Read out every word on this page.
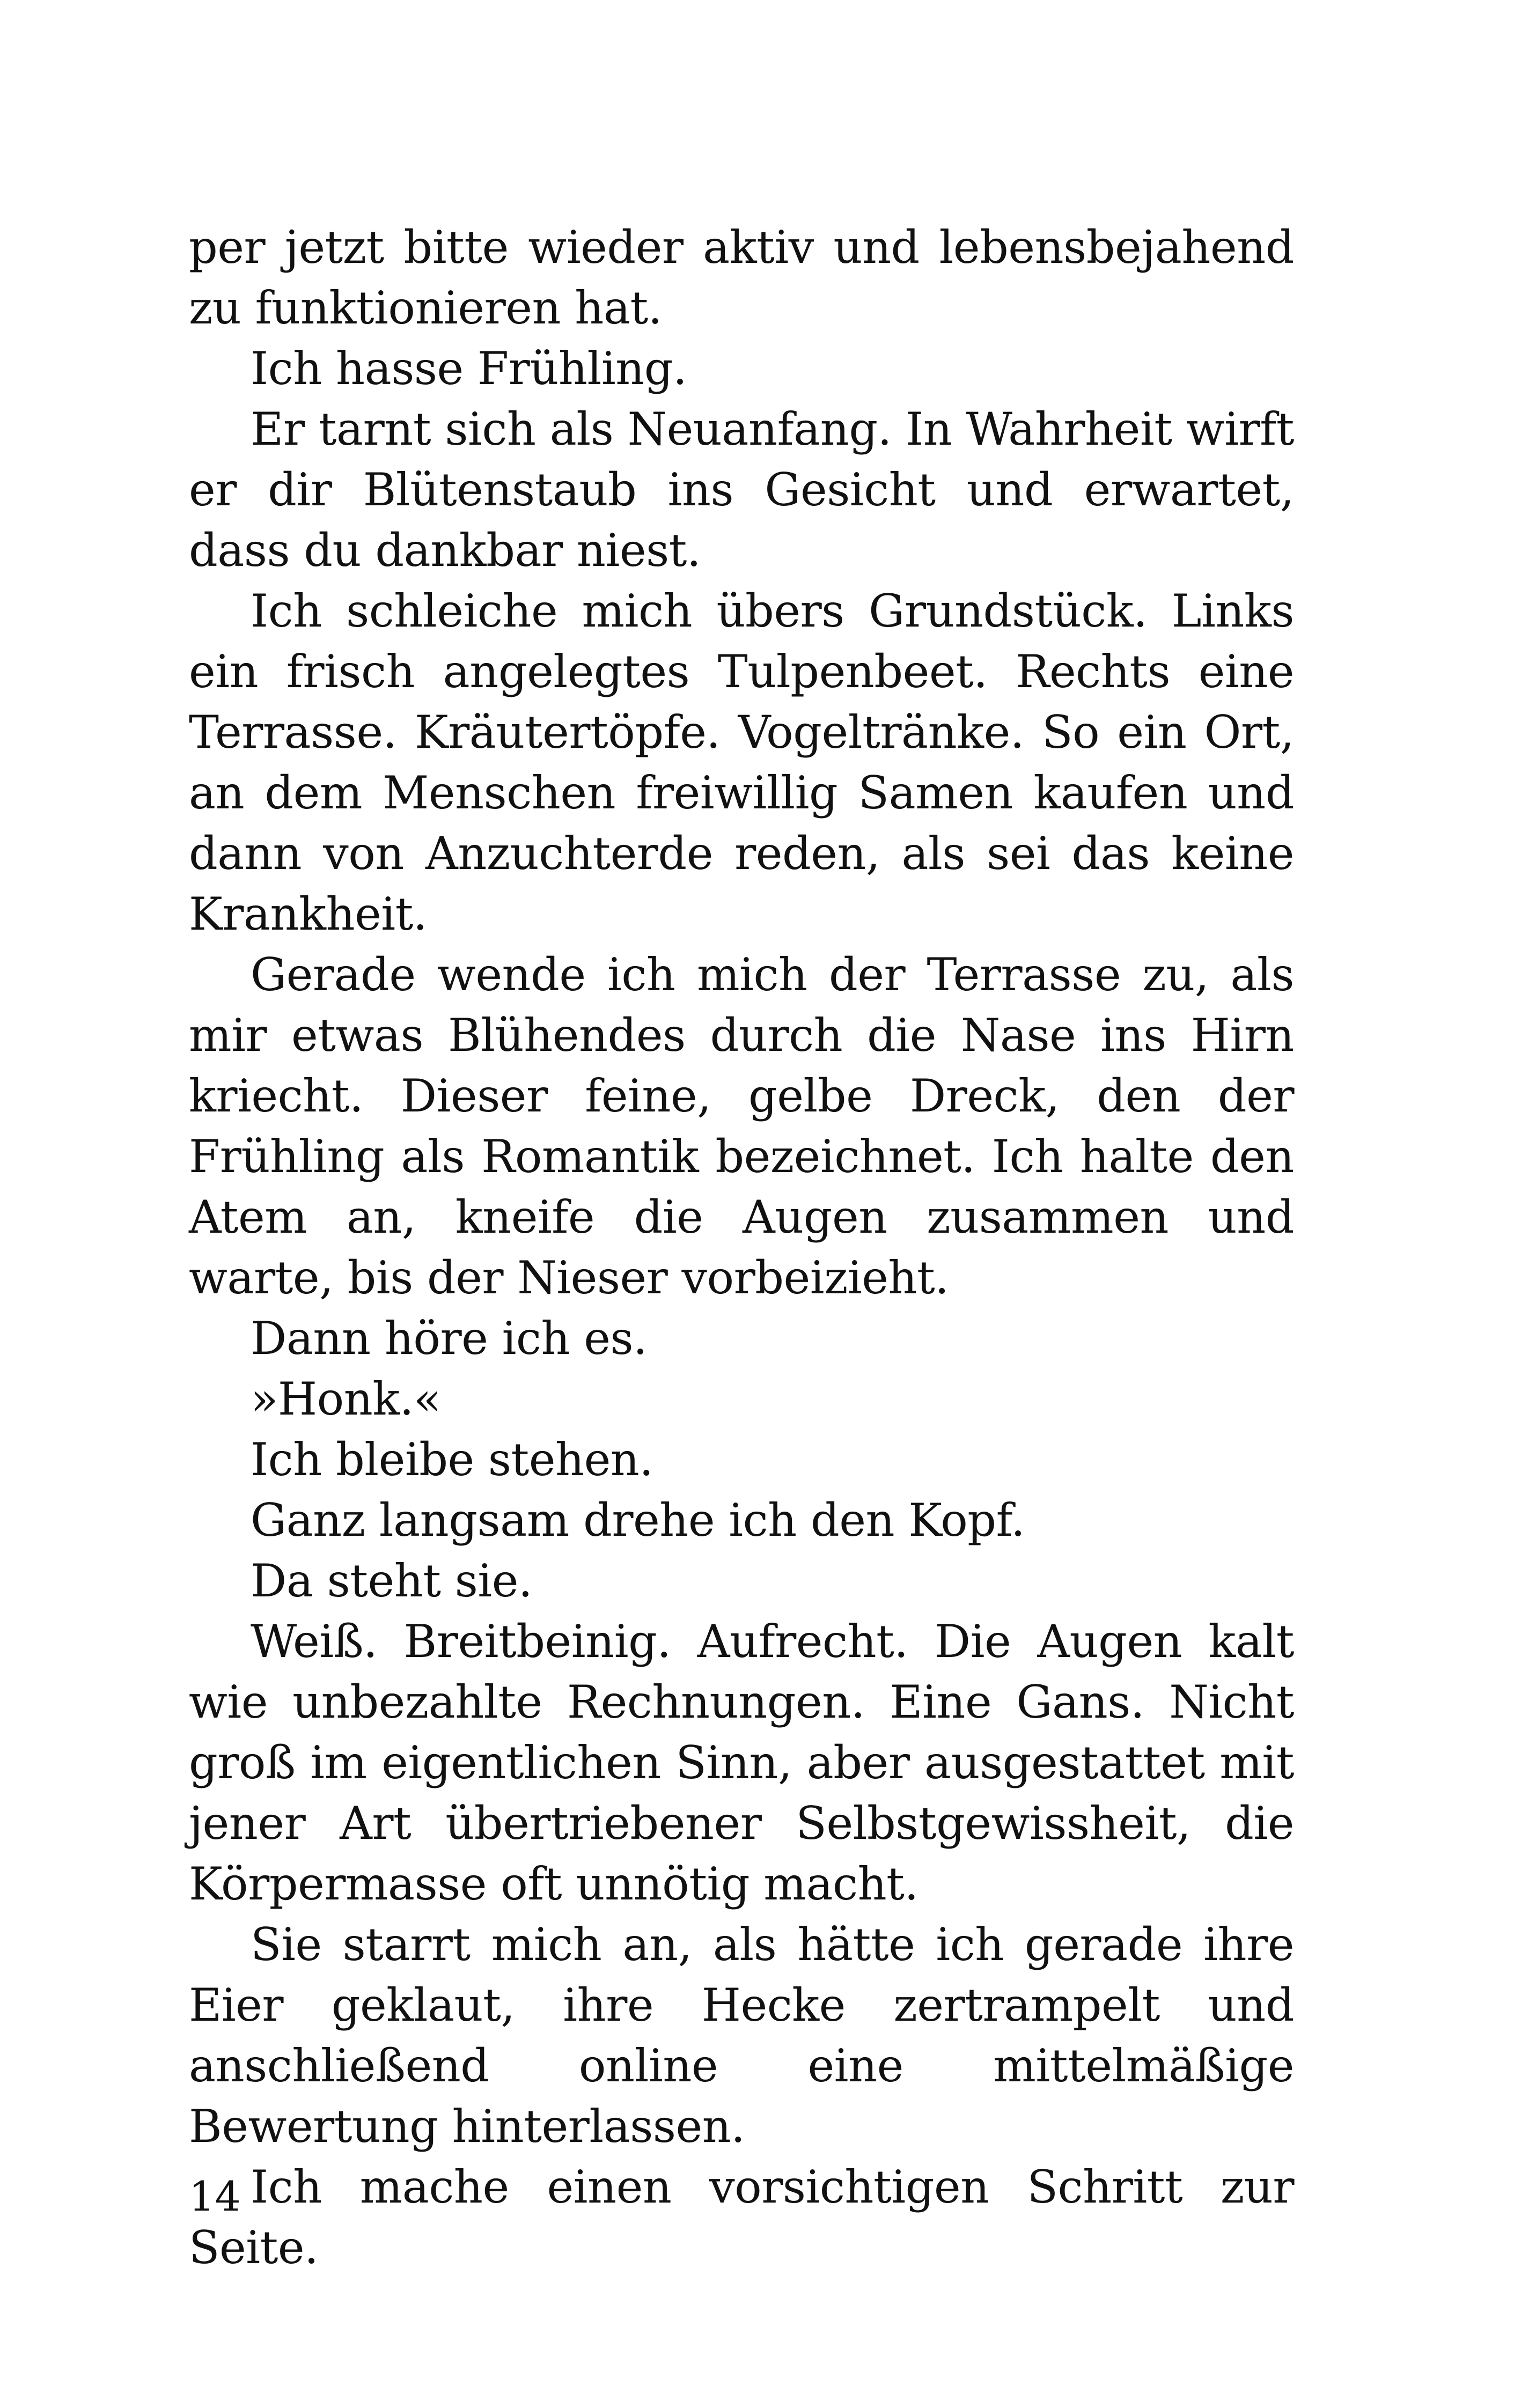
per jetzt bitte wieder aktiv und lebensbejahend zu funktionieren hat.

Ich hasse Frühling.

Er tarnt sich als Neuanfang. In Wahrheit wirft er dir Blütenstaub ins Gesicht und erwartet, dass du dankbar niest.

Ich schleiche mich übers Grundstück. Links ein frisch angelegtes Tulpenbeet. Rechts eine Terrasse. Kräutertöpfe. Vogeltränke. So ein Ort, an dem Menschen freiwillig Samen kaufen und dann von Anzuchterde reden, als sei das keine Krankheit.

Gerade wende ich mich der Terrasse zu, als mir etwas Blühendes durch die Nase ins Hirn kriecht. Dieser feine, gelbe Dreck, den der Frühling als Romantik bezeichnet. Ich halte den Atem an, kneife die Augen zusammen und warte, bis der Nieser vorbeizieht.

Dann höre ich es.

»Honk.«

Ich bleibe stehen.

Ganz langsam drehe ich den Kopf.

Da steht sie.

Weiß. Breitbeinig. Aufrecht. Die Augen kalt wie unbezahlte Rechnungen. Eine Gans. Nicht groß im eigentlichen Sinn, aber ausgestattet mit jener Art übertriebener Selbstgewissheit, die Körpermasse oft unnötig macht.

Sie starrt mich an, als hätte ich gerade ihre Eier geklaut, ihre Hecke zertrampelt und anschließend online eine mittelmäßige Bewertung hinterlassen.

Ich mache einen vorsichtigen Schritt zur Seite.

14
